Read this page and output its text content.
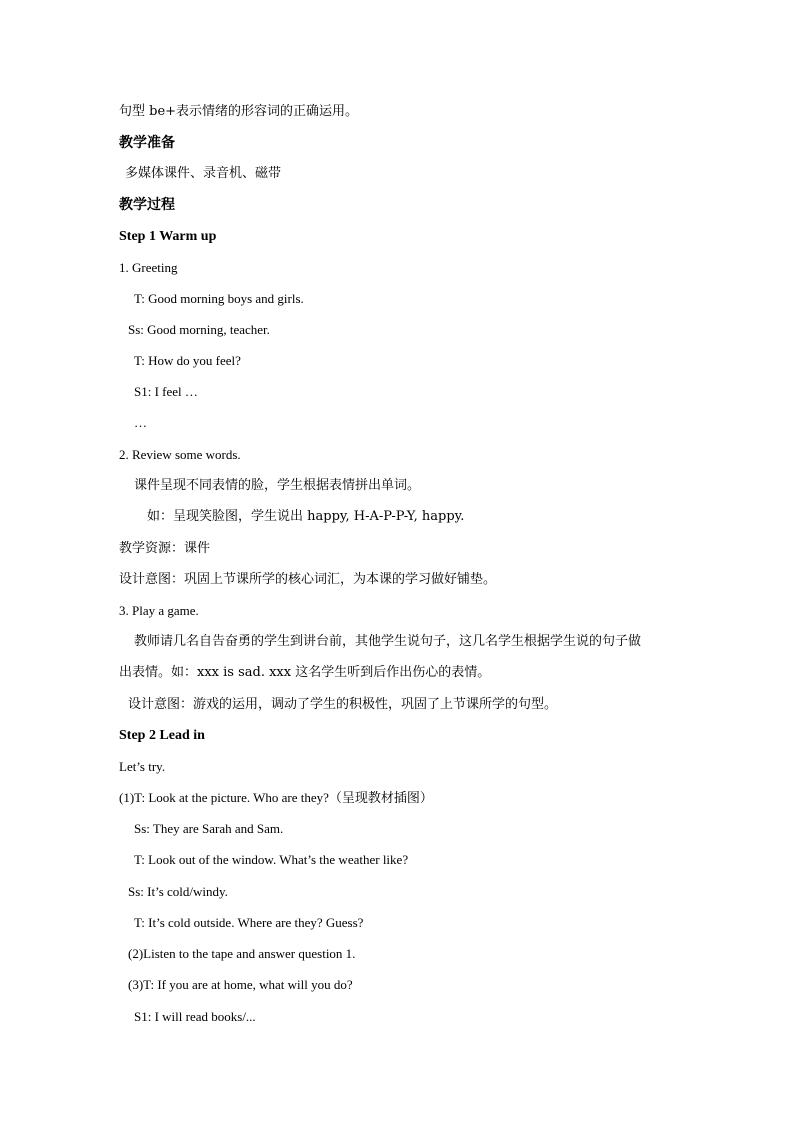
句型 be+表示情绪的形容词的正确运用。
教学准备
多媒体课件、录音机、磁带
教学过程
Step 1 Warm up
1. Greeting
T: Good morning boys and girls.
Ss: Good morning, teacher.
T: How do you feel?
S1: I feel …
…
2. Review some words.
课件呈现不同表情的脸，学生根据表情拼出单词。
如：呈现笑脸图，学生说出 happy, H-A-P-P-Y, happy.
教学资源：课件
设计意图：巩固上节课所学的核心词汇，为本课的学习做好铺垫。
3. Play a game.
教师请几名自告奋勇的学生到讲台前，其他学生说句子，这几名学生根据学生说的句子做
出表情。如：xxx is sad. xxx 这名学生听到后作出伤心的表情。
设计意图：游戏的运用，调动了学生的积极性，巩固了上节课所学的句型。
Step 2 Lead in
Let’s try.
(1)T: Look at the picture. Who are they?（呈现教材插图）
Ss: They are Sarah and Sam.
T: Look out of the window. What’s the weather like?
Ss: It’s cold/windy.
T: It’s cold outside. Where are they? Guess?
(2)Listen to the tape and answer question 1.
(3)T: If you are at home, what will you do?
S1: I will read books/...
